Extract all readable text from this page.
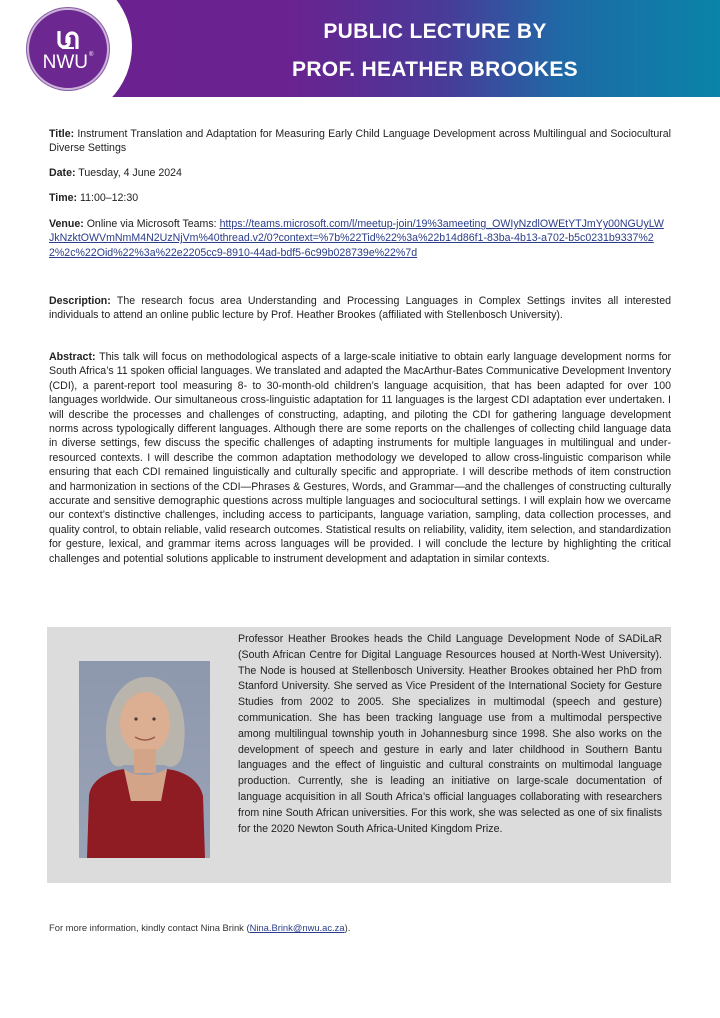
NWU®
PUBLIC LECTURE BY
PROF. HEATHER BROOKES
Title: Instrument Translation and Adaptation for Measuring Early Child Language Development across Multilingual and Sociocultural Diverse Settings
Date: Tuesday, 4 June 2024
Time: 11:00–12:30
Venue: Online via Microsoft Teams: https://teams.microsoft.com/l/meetup-join/19%3ameeting_OWIyNzdlOWEtYTJmYy00NGUyLWJkNzktOWVmNmM4N2UzNjVm%40thread.v2/0?context=%7b%22Tid%22%3a%22b14d86f1-83ba-4b13-a702-b5c0231b9337%22%2c%22Oid%22%3a%22e2205cc9-8910-44ad-bdf5-6c99b028739e%22%7d
Description: The research focus area Understanding and Processing Languages in Complex Settings invites all interested individuals to attend an online public lecture by Prof. Heather Brookes (affiliated with Stellenbosch University).
Abstract: This talk will focus on methodological aspects of a large-scale initiative to obtain early language development norms for South Africa’s 11 spoken official languages. We translated and adapted the MacArthur-Bates Communicative Development Inventory (CDI), a parent-report tool measuring 8- to 30-month-old children’s language acquisition, that has been adapted for over 100 languages worldwide. Our simultaneous cross-linguistic adaptation for 11 languages is the largest CDI adaptation ever undertaken. I will describe the processes and challenges of constructing, adapting, and piloting the CDI for gathering language development norms across typologically different languages. Although there are some reports on the challenges of collecting child language data in diverse settings, few discuss the specific challenges of adapting instruments for multiple languages in multilingual and under-resourced contexts. I will describe the common adaptation methodology we developed to allow cross-linguistic comparison while ensuring that each CDI remained linguistically and culturally specific and appropriate. I will describe methods of item construction and harmonization in sections of the CDI—Phrases & Gestures, Words, and Grammar—and the challenges of constructing culturally accurate and sensitive demographic questions across multiple languages and sociocultural settings. I will explain how we overcame our context’s distinctive challenges, including access to participants, language variation, sampling, data collection processes, and quality control, to obtain reliable, valid research outcomes. Statistical results on reliability, validity, item selection, and standardization for gesture, lexical, and grammar items across languages will be provided. I will conclude the lecture by highlighting the critical challenges and potential solutions applicable to instrument development and adaptation in similar contexts.
Professor Heather Brookes heads the Child Language Development Node of SADiLaR (South African Centre for Digital Language Resources housed at North-West University). The Node is housed at Stellenbosch University. Heather Brookes obtained her PhD from Stanford University. She served as Vice President of the International Society for Gesture Studies from 2002 to 2005. She specializes in multimodal (speech and gesture) communication. She has been tracking language use from a multimodal perspective among multilingual township youth in Johannesburg since 1998. She also works on the development of speech and gesture in early and later childhood in Southern Bantu languages and the effect of linguistic and cultural constraints on multimodal language production. Currently, she is leading an initiative on large-scale documentation of language acquisition in all South Africa’s official languages collaborating with researchers from nine South African universities. For this work, she was selected as one of six finalists for the 2020 Newton South Africa-United Kingdom Prize.
For more information, kindly contact Nina Brink (Nina.Brink@nwu.ac.za).
